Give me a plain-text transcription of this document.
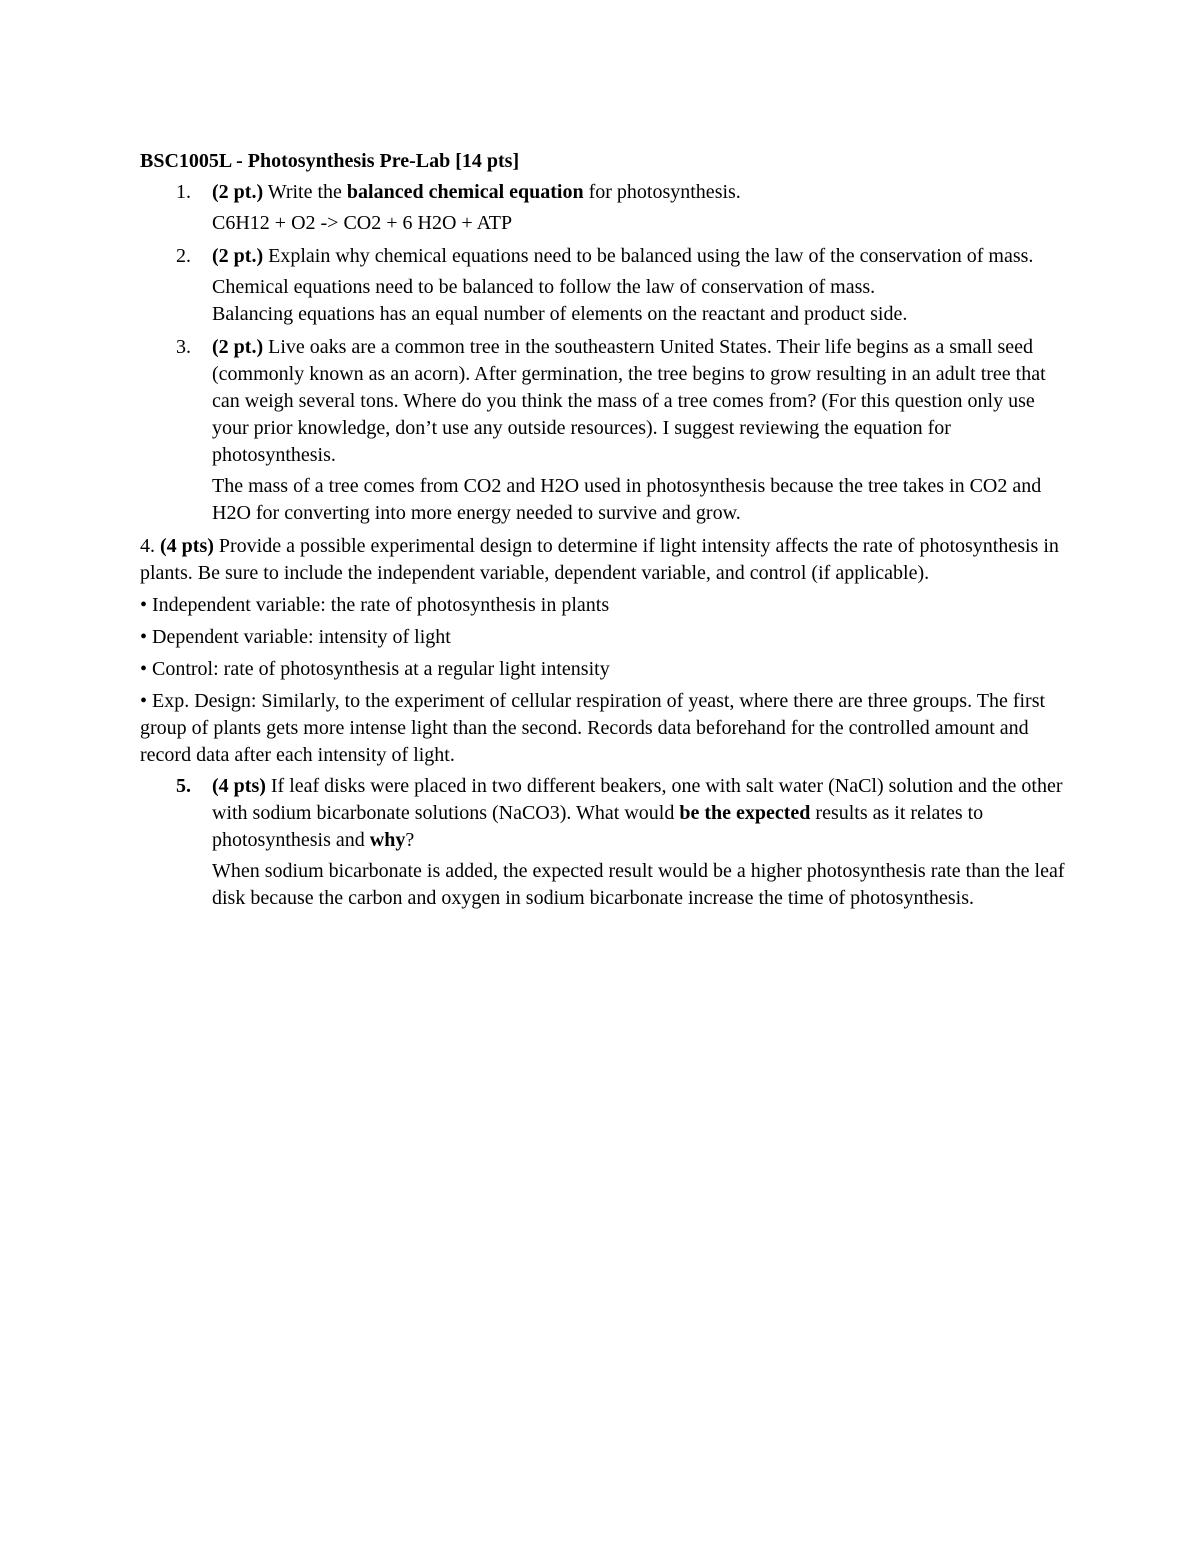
BSC1005L - Photosynthesis Pre-Lab [14 pts]
1. (2 pt.) Write the balanced chemical equation for photosynthesis.

C6H12 + O2 -> CO2 + 6 H2O + ATP

2. (2 pt.) Explain why chemical equations need to be balanced using the law of the conservation of mass.

Chemical equations need to be balanced to follow the law of conservation of mass.

Balancing equations has an equal number of elements on the reactant and product side.

3. (2 pt.) Live oaks are a common tree in the southeastern United States. Their life begins as a small seed (commonly known as an acorn). After germination, the tree begins to grow resulting in an adult tree that can weigh several tons. Where do you think the mass of a tree comes from? (For this question only use your prior knowledge, don’t use any outside resources). I suggest reviewing the equation for photosynthesis.

The mass of a tree comes from CO2 and H2O used in photosynthesis because the tree takes in CO2 and H2O for converting into more energy needed to survive and grow.

4. (4 pts) Provide a possible experimental design to determine if light intensity affects the rate of photosynthesis in plants. Be sure to include the independent variable, dependent variable, and control (if applicable).
• Independent variable: the rate of photosynthesis in plants
• Dependent variable: intensity of light
• Control: rate of photosynthesis at a regular light intensity
• Exp. Design: Similarly, to the experiment of cellular respiration of yeast, where there are three groups. The first group of plants gets more intense light than the second. Records data beforehand for the controlled amount and record data after each intensity of light.
5. (4 pts) If leaf disks were placed in two different beakers, one with salt water (NaCl) solution and the other with sodium bicarbonate solutions (NaCO3). What would be the expected results as it relates to photosynthesis and why?

When sodium bicarbonate is added, the expected result would be a higher photosynthesis rate than the leaf disk because the carbon and oxygen in sodium bicarbonate increase the time of photosynthesis.
